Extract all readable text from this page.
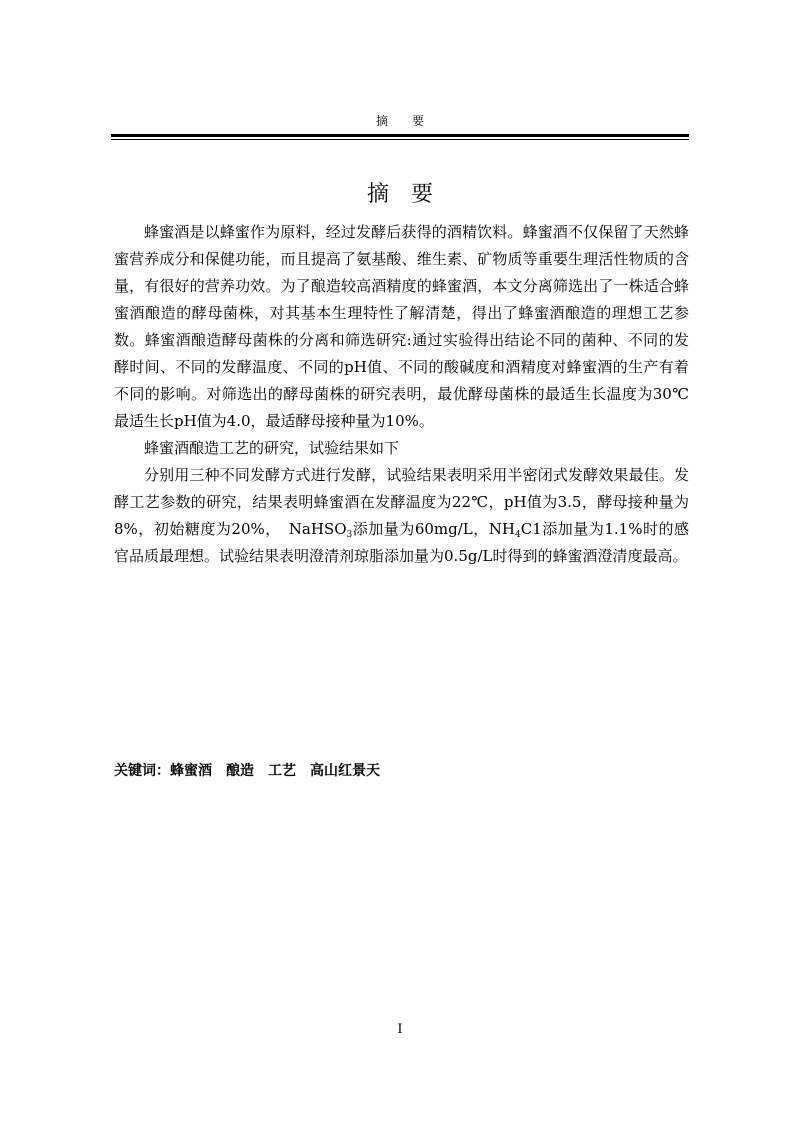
摘　　要
摘　要

蜂蜜酒是以蜂蜜作为原料，经过发酵后获得的酒精饮料。蜂蜜酒不仅保留了天然蜂蜜营养成分和保健功能，而且提高了氨基酸、维生素、矿物质等重要生理活性物质的含量，有很好的营养功效。为了酿造较高酒精度的蜂蜜酒，本文分离筛选出了一株适合蜂蜜酒酿造的酵母菌株，对其基本生理特性了解清楚，得出了蜂蜜酒酿造的理想工艺参数。蜂蜜酒酿造酵母菌株的分离和筛选研究:通过实验得出结论不同的菌种、不同的发酵时间、不同的发酵温度、不同的pH值、不同的酸碱度和酒精度对蜂蜜酒的生产有着不同的影响。对筛选出的酵母菌株的研究表明，最优酵母菌株的最适生长温度为30℃最适生长pH值为4.0，最适酵母接种量为10%。

蜂蜜酒酿造工艺的研究，试验结果如下

分别用三种不同发酵方式进行发酵，试验结果表明采用半密闭式发酵效果最佳。发酵工艺参数的研究，结果表明蜂蜜酒在发酵温度为22℃，pH值为3.5，酵母接种量为8%，初始糖度为20%，　NaHSO$_3$添加量为60mg/L，$NH_4C1$添加量为1.1%时的感官品质最理想。试验结果表明澄清剂琼脂添加量为0.5g/L时得到的蜂蜜酒澄清度最高。

关键词：蜂蜜酒　酿造　工艺　高山红景天
I
